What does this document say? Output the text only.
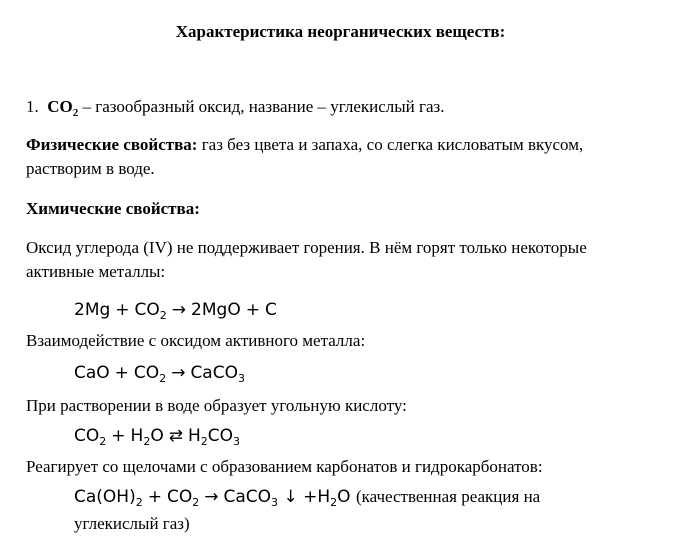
Характеристика неорганических веществ:
1. $CO_2$ – газообразный оксид, название – углекислый газ.
Физические свойства: газ без цвета и запаха, со слегка кисловатым вкусом,
растворим в воде.
Химические свойства:
Оксид углерода (IV) не поддерживает горения. В нём горят только некоторые
активные металлы:
$2Mg + CO_2 \to 2MgO + C$
Взаимодействие с оксидом активного металла:
CaO + $CO_2$ → CaCO$_3$
При растворении в воде образует угольную кислоту:
$CO_2 + H_2O$ ⇄ $H_2CO_3$
Реагирует со щелочами с образованием карбонатов и гидрокарбонатов:
$Ca(OH)_2 + CO_2$ → CaCO$_3$ ↓ $+H_2O$ (качественная реакция на
углекислый газ)
